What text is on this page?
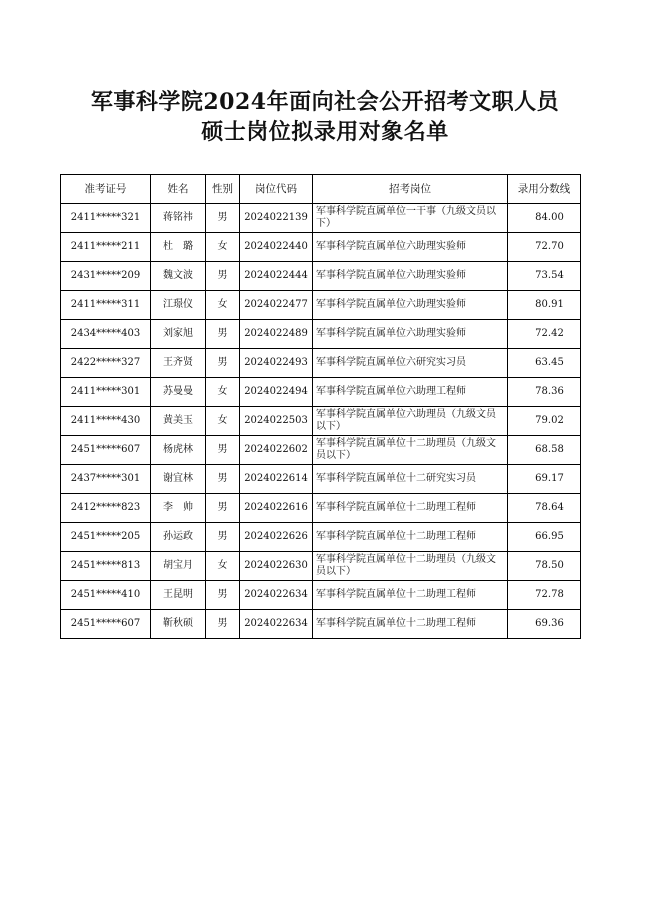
军事科学院2024年面向社会公开招考文职人员
硕士岗位拟录用对象名单
准考证号	姓名	性别	岗位代码	招考岗位	录用分数线
2411*****321	蒋铭祎	男	2024022139	军事科学院直属单位一干事（九级文员以下）	84.00
2411*****211	杜　璐	女	2024022440	军事科学院直属单位六助理实验师	72.70
2431*****209	魏文波	男	2024022444	军事科学院直属单位六助理实验师	73.54
2411*****311	江璟仪	女	2024022477	军事科学院直属单位六助理实验师	80.91
2434*****403	刘家旭	男	2024022489	军事科学院直属单位六助理实验师	72.42
2422*****327	王齐贤	男	2024022493	军事科学院直属单位六研究实习员	63.45
2411*****301	苏曼曼	女	2024022494	军事科学院直属单位六助理工程师	78.36
2411*****430	黄美玉	女	2024022503	军事科学院直属单位六助理员（九级文员以下）	79.02
2451*****607	杨虎林	男	2024022602	军事科学院直属单位十二助理员（九级文员以下）	68.58
2437*****301	谢宜林	男	2024022614	军事科学院直属单位十二研究实习员	69.17
2412*****823	李　帅	男	2024022616	军事科学院直属单位十二助理工程师	78.64
2451*****205	孙运政	男	2024022626	军事科学院直属单位十二助理工程师	66.95
2451*****813	胡宝月	女	2024022630	军事科学院直属单位十二助理员（九级文员以下）	78.50
2451*****410	王昆明	男	2024022634	军事科学院直属单位十二助理工程师	72.78
2451*****607	靳秋硕	男	2024022634	军事科学院直属单位十二助理工程师	69.36
